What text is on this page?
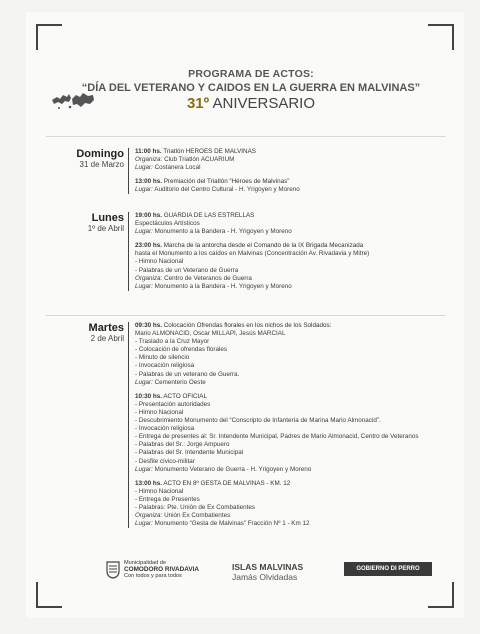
PROGRAMA DE ACTOS:
“DÍA DEL VETERANO Y CAIDOS EN LA GUERRA EN MALVINAS”
31º ANIVERSARIO
Domingo
31 de Marzo
11:00 hs. Triatlón HEROES DE MALVINAS
Organiza: Club Triatlón ACUARIUM
Lugar: Costanera Local
13:00 hs. Premiación del Triatlón “Héroes de Malvinas”
Lugar: Auditorio del Centro Cultural - H. Yrigoyen y Moreno
Lunes
1º de Abril
19:00 hs. GUARDIA DE LAS ESTRELLAS
Espectáculos Artísticos
Lugar: Monumento a la Bandera - H. Yrigoyen y Moreno
23:00 hs. Marcha de la antorcha desde el Comando de la IX Brigada Mecanizada
hasta el Monumento a los caídos en Malvinas (Concentración Av. Rivadavia y Mitre)
- Himno Nacional
- Palabras de un Veterano de Guerra
Organiza: Centro de Veteranos de Guerra
Lugar: Monumento a la Bandera - H. Yrigoyen y Moreno
Martes
2 de Abril
09:30 hs. Colocación Ofrendas florales en los nichos de los Soldados:
Mario ALMONACID, Oscar MILLAPI, Jesús MARCIAL
- Traslado a la Cruz Mayor
- Colocación de ofrendas florales
- Minuto de silencio
- Invocación religiosa
- Palabras de un veterano de Guerra.
Lugar: Cementerio Oeste
10:30 hs. ACTO OFICIAL
- Presentación autoridades
- Himno Nacional
- Descubrimiento Monumento del “Conscripto de Infantería de Marina Mario Almonacid”.
- Invocación religiosa
- Entrega de presentes al: Sr. Intendente Municipal, Padres de Mario Almonacid, Centro de Veteranos
- Palabras del Sr.: Jorge Ampuero
- Palabras del Sr. Intendente Municipal
- Desfile cívico-militar
Lugar: Monumento Veterano de Guerra - H. Yrigoyen y Moreno
13:00 hs. ACTO EN 8º GESTA DE MALVINAS - KM. 12
- Himno Nacional
- Entrega de Presentes
- Palabras: Pte. Unión de Ex Combatientes
Organiza: Unión Ex Combatientes
Lugar: Monumento “Gesta de Malvinas” Fracción Nº 1 - Km 12
Municipalidad de
COMODORO RIVADAVIA
Con todos y para todos
ISLAS MALVINAS
Jamás Olvidadas
GOBIERNO DI PERRO
